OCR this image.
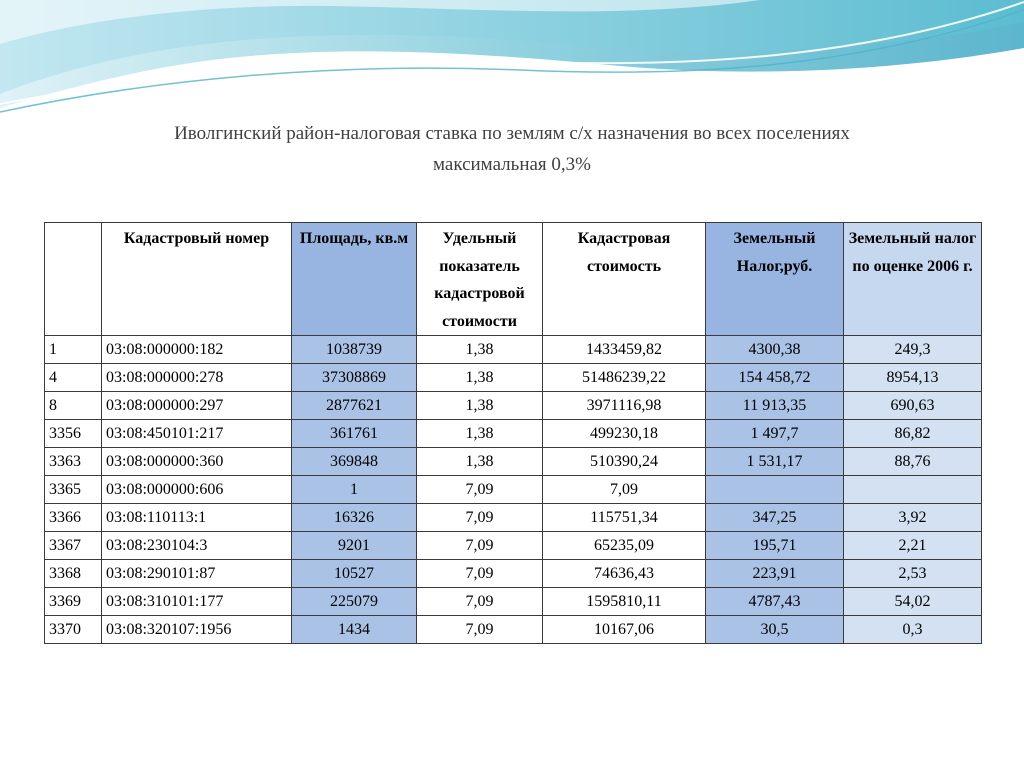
Иволгинский район-налоговая ставка по землям с/х назначения во всех поселениях
максимальная 0,3%
	Кадастровый номер	Площадь, кв.м	Удельный показатель кадастровой стоимости	Кадастровая стоимость	Земельный Налог,руб.	Земельный налог по оценке 2006 г.
1	03:08:000000:182	1038739	1,38	1433459,82	4300,38	249,3
4	03:08:000000:278	37308869	1,38	51486239,22	154 458,72	8954,13
8	03:08:000000:297	2877621	1,38	3971116,98	11 913,35	690,63
3356	03:08:450101:217	361761	1,38	499230,18	1 497,7	86,82
3363	03:08:000000:360	369848	1,38	510390,24	1 531,17	88,76
3365	03:08:000000:606	1	7,09	7,09		
3366	03:08:110113:1	16326	7,09	115751,34	347,25	3,92
3367	03:08:230104:3	9201	7,09	65235,09	195,71	2,21
3368	03:08:290101:87	10527	7,09	74636,43	223,91	2,53
3369	03:08:310101:177	225079	7,09	1595810,11	4787,43	54,02
3370	03:08:320107:1956	1434	7,09	10167,06	30,5	0,3
